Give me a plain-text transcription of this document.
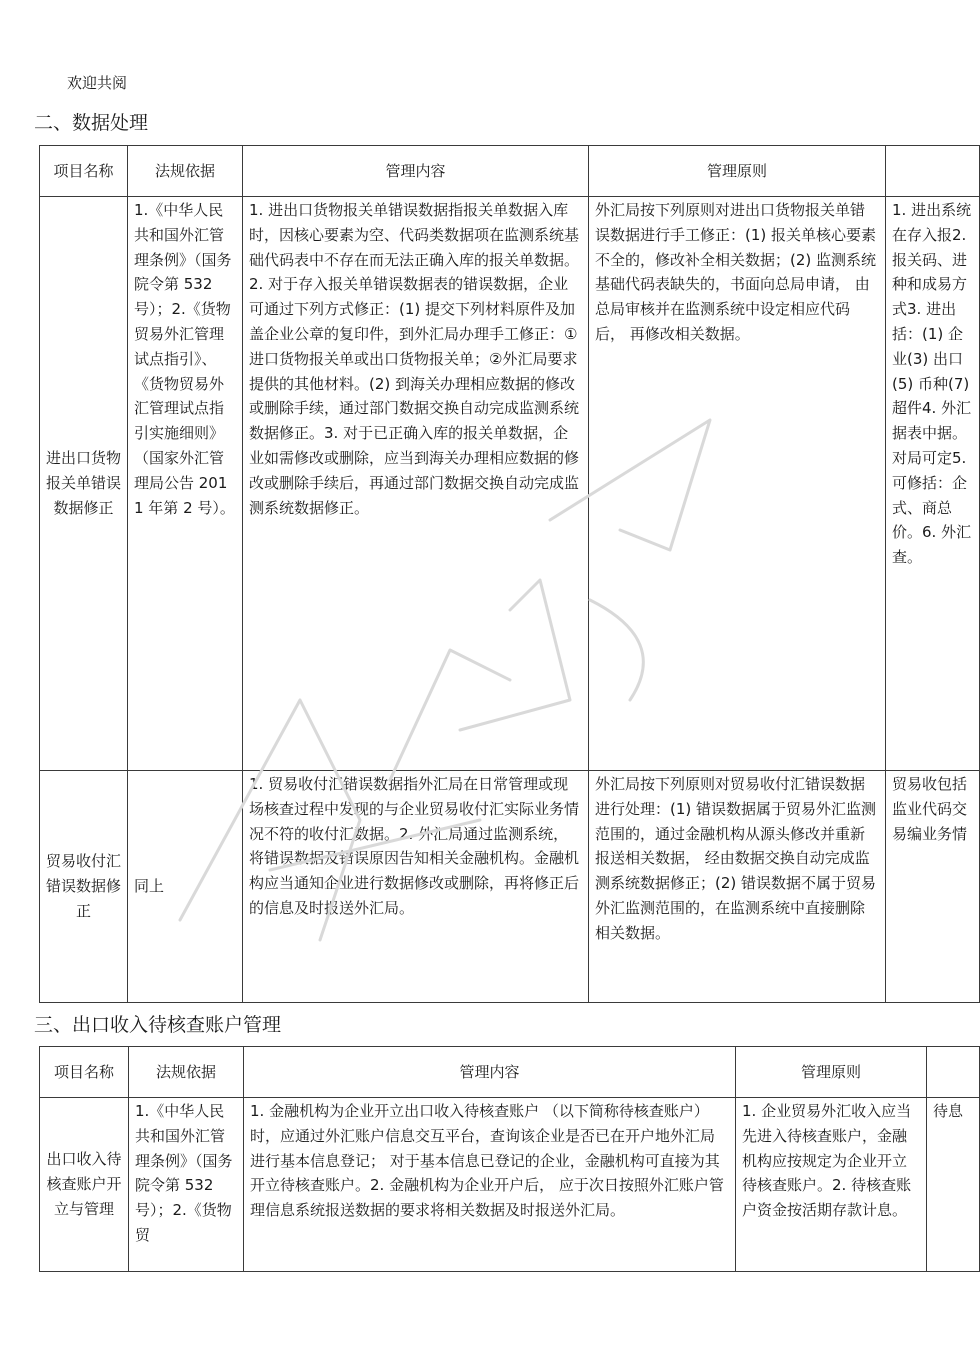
欢迎共阅
二、数据处理
项目名称	法规依据	管理内容	管理原则	
进出口货物报关单错误数据修正	1.《中华人民共和国外汇管理条例》（国务院令第 532 号）；2.《货物贸易外汇管理试点指引》、《货物贸易外汇管理试点指引实施细则》（国家外汇管理局公告 2011 年第 2 号）。	1. 进出口货物报关单错误数据指报关单数据入库时，因核心要素为空、代码类数据项在监测系统基础代码表中不存在而无法正确入库的报关单数据。2. 对于存入报关单错误数据表的错误数据，企业可通过下列方式修正：(1) 提交下列材料原件及加盖企业公章的复印件，到外汇局办理手工修正：①进口货物报关单或出口货物报关单；②外汇局要求提供的其他材料。(2) 到海关办理相应数据的修改或删除手续，通过部门数据交换自动完成监测系统数据修正。3. 对于已正确入库的报关单数据，企业如需修改或删除，应当到海关办理相应数据的修改或删除手续后，再通过部门数据交换自动完成监测系统数据修正。	外汇局按下列原则对进出口货物报关单错误数据进行手工修正：(1) 报关单核心要素不全的，修改补全相关数据；(2) 监测系统基础代码表缺失的，书面向总局申请， 由总局审核并在监测系统中设定相应代码后， 再修改相关数据。	1. 进出系统在存入报2. 报关码、进种和成易方式3. 进出括：(1) 企业(3) 出口(5) 币种(7) 超件4. 外汇据表中据。对局可定5. 可修括：企式、商总价。6. 外汇查。
贸易收付汇错误数据修正	同上	1. 贸易收付汇错误数据指外汇局在日常管理或现场核查过程中发现的与企业贸易收付汇实际业务情况不符的收付汇数据。2. 外汇局通过监测系统，将错误数据及错误原因告知相关金融机构。金融机构应当通知企业进行数据修改或删除，再将修正后的信息及时报送外汇局。	外汇局按下列原则对贸易收付汇错误数据进行处理：(1) 错误数据属于贸易外汇监测范围的，通过金融机构从源头修改并重新报送相关数据， 经由数据交换自动完成监测系统数据修正；(2) 错误数据不属于贸易外汇监测范围的，在监测系统中直接删除相关数据。	贸易收包括监业代码交易编业务情
三、出口收入待核查账户管理
项目名称	法规依据	管理内容	管理原则	
出口收入待核查账户开立与管理	1.《中华人民共和国外汇管理条例》（国务院令第 532 号）；2.《货物贸	1. 金融机构为企业开立出口收入待核查账户 （以下简称待核查账户）时，应通过外汇账户信息交互平台，查询该企业是否已在开户地外汇局进行基本信息登记； 对于基本信息已登记的企业，金融机构可直接为其开立待核查账户。2. 金融机构为企业开户后， 应于次日按照外汇账户管理信息系统报送数据的要求将相关数据及时报送外汇局。	1. 企业贸易外汇收入应当先进入待核查账户，金融机构应按规定为企业开立待核查账户。2. 待核查账户资金按活期存款计息。	待息
